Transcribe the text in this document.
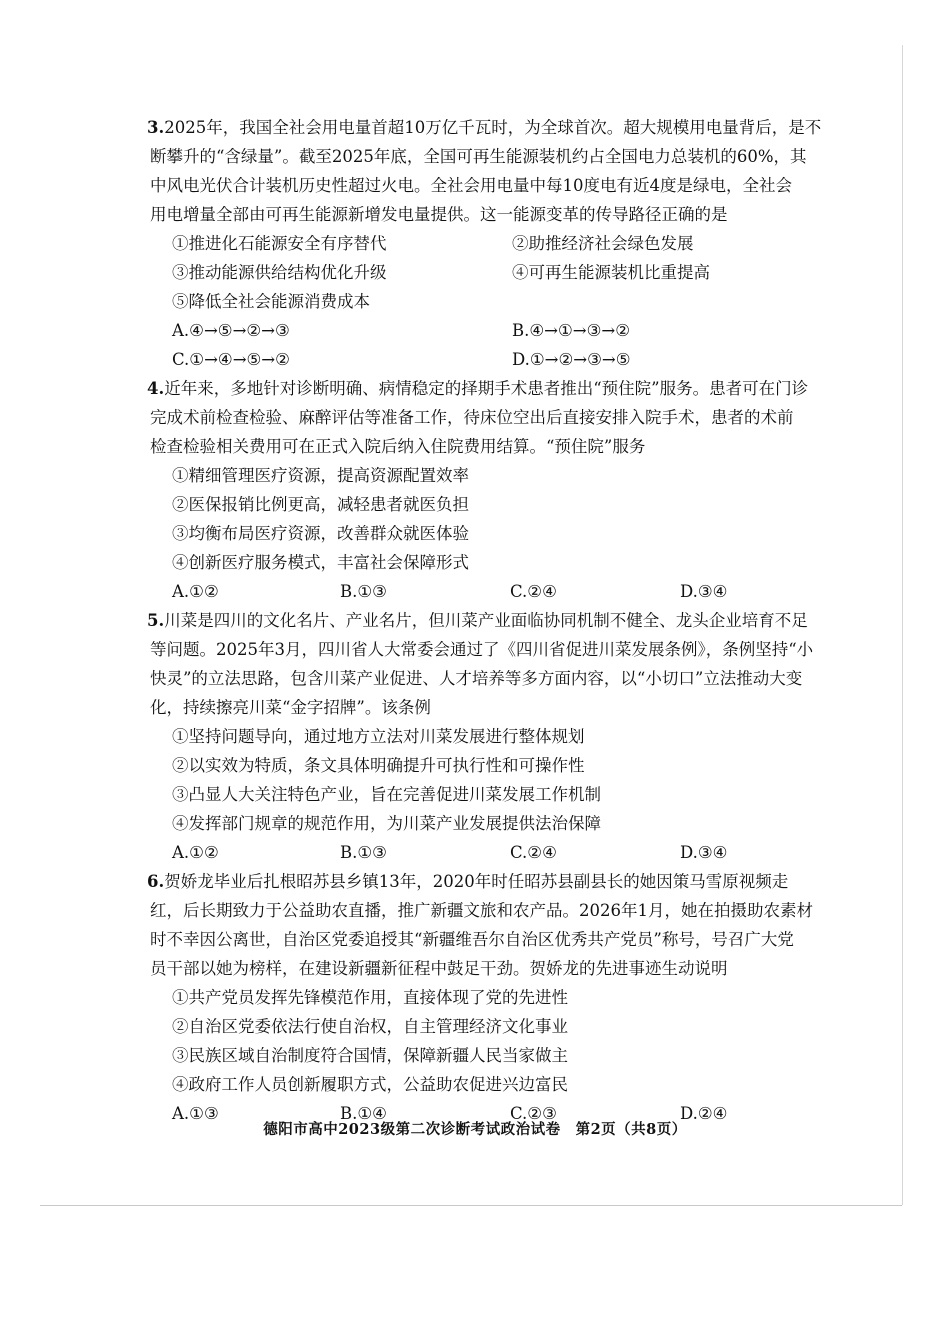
3.2025年，我国全社会用电量首超10万亿千瓦时，为全球首次。超大规模用电量背后，是不
断攀升的“含绿量”。截至2025年底，全国可再生能源装机约占全国电力总装机的60%，其
中风电光伏合计装机历史性超过火电。全社会用电量中每10度电有近4度是绿电，全社会
用电增量全部由可再生能源新增发电量提供。这一能源变革的传导路径正确的是

①推进化石能源安全有序替代	②助推经济社会绿色发展
③推动能源供给结构优化升级	④可再生能源装机比重提高

⑤降低全社会能源消费成本

A.④→⑤→②→③	B.④→①→③→②
C.①→④→⑤→②	D.①→②→③→⑤

4.近年来，多地针对诊断明确、病情稳定的择期手术患者推出“预住院”服务。患者可在门诊
完成术前检查检验、麻醉评估等准备工作，待床位空出后直接安排入院手术，患者的术前
检查检验相关费用可在正式入院后纳入住院费用结算。“预住院”服务

①精细管理医疗资源，提高资源配置效率

②医保报销比例更高，减轻患者就医负担

③均衡布局医疗资源，改善群众就医体验

④创新医疗服务模式，丰富社会保障形式

A.①②	B.①③	C.②④	D.③④

5.川菜是四川的文化名片、产业名片，但川菜产业面临协同机制不健全、龙头企业培育不足
等问题。2025年3月，四川省人大常委会通过了《四川省促进川菜发展条例》，条例坚持“小
快灵”的立法思路，包含川菜产业促进、人才培养等多方面内容，以“小切口”立法推动大变
化，持续擦亮川菜“金字招牌”。该条例

①坚持问题导向，通过地方立法对川菜发展进行整体规划

②以实效为特质，条文具体明确提升可执行性和可操作性

③凸显人大关注特色产业，旨在完善促进川菜发展工作机制

④发挥部门规章的规范作用，为川菜产业发展提供法治保障

A.①②	B.①③	C.②④	D.③④

6.贺娇龙毕业后扎根昭苏县乡镇13年，2020年时任昭苏县副县长的她因策马雪原视频走
红，后长期致力于公益助农直播，推广新疆文旅和农产品。2026年1月，她在拍摄助农素材
时不幸因公离世，自治区党委追授其“新疆维吾尔自治区优秀共产党员”称号，号召广大党
员干部以她为榜样，在建设新疆新征程中鼓足干劲。贺娇龙的先进事迹生动说明

①共产党员发挥先锋模范作用，直接体现了党的先进性

②自治区党委依法行使自治权，自主管理经济文化事业

③民族区域自治制度符合国情，保障新疆人民当家做主

④政府工作人员创新履职方式，公益助农促进兴边富民

A.①③	B.①④	C.②③	D.②④
德阳市高中2023级第二次诊断考试政治试卷　第2页（共8页）
